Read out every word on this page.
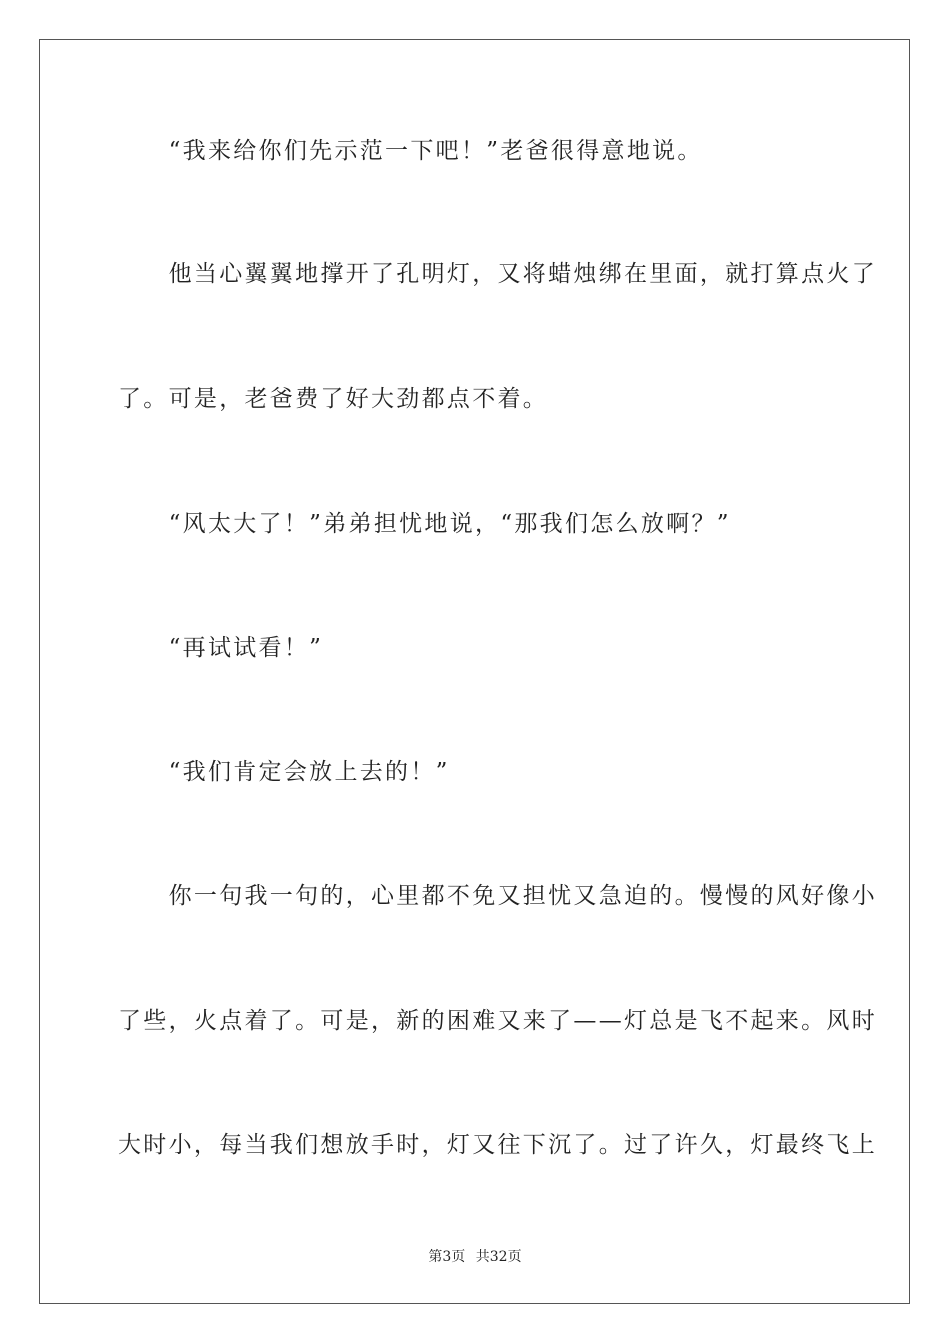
　　“我来给你们先示范一下吧！”老爸很得意地说。
　　他当心翼翼地撑开了孔明灯，又将蜡烛绑在里面，就打算点火了
了。可是，老爸费了好大劲都点不着。
　　“风太大了！”弟弟担忧地说，“那我们怎么放啊？”
　　“再试试看！”
　　“我们肯定会放上去的！”
　　你一句我一句的，心里都不免又担忧又急迫的。慢慢的风好像小
了些，火点着了。可是，新的困难又来了——灯总是飞不起来。风时
大时小，每当我们想放手时，灯又往下沉了。过了许久，灯最终飞上
第3页 共32页
